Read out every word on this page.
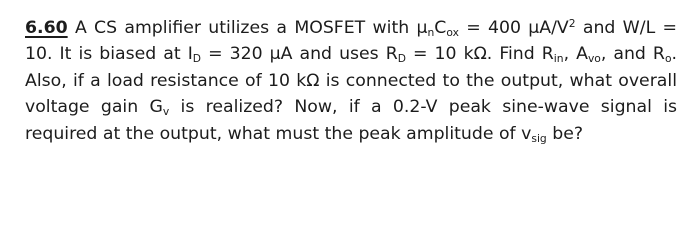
6.60 A CS amplifier utilizes a MOSFET with $\mu_nC_{ox} = 400$ $\mu A/V^2$ and W/L = 10. It is biased at $I_D = 320$ μA and uses $R_D = 10$ kΩ. Find $R_{in}$, $A_{vo}$, and $R_o$. Also, if a load resistance of 10 kΩ is connected to the output, what overall voltage gain $G_v$ is realized? Now, if a 0.2-V peak sine-wave signal is required at the output, what must the peak amplitude of $v_{sig}$ be?
